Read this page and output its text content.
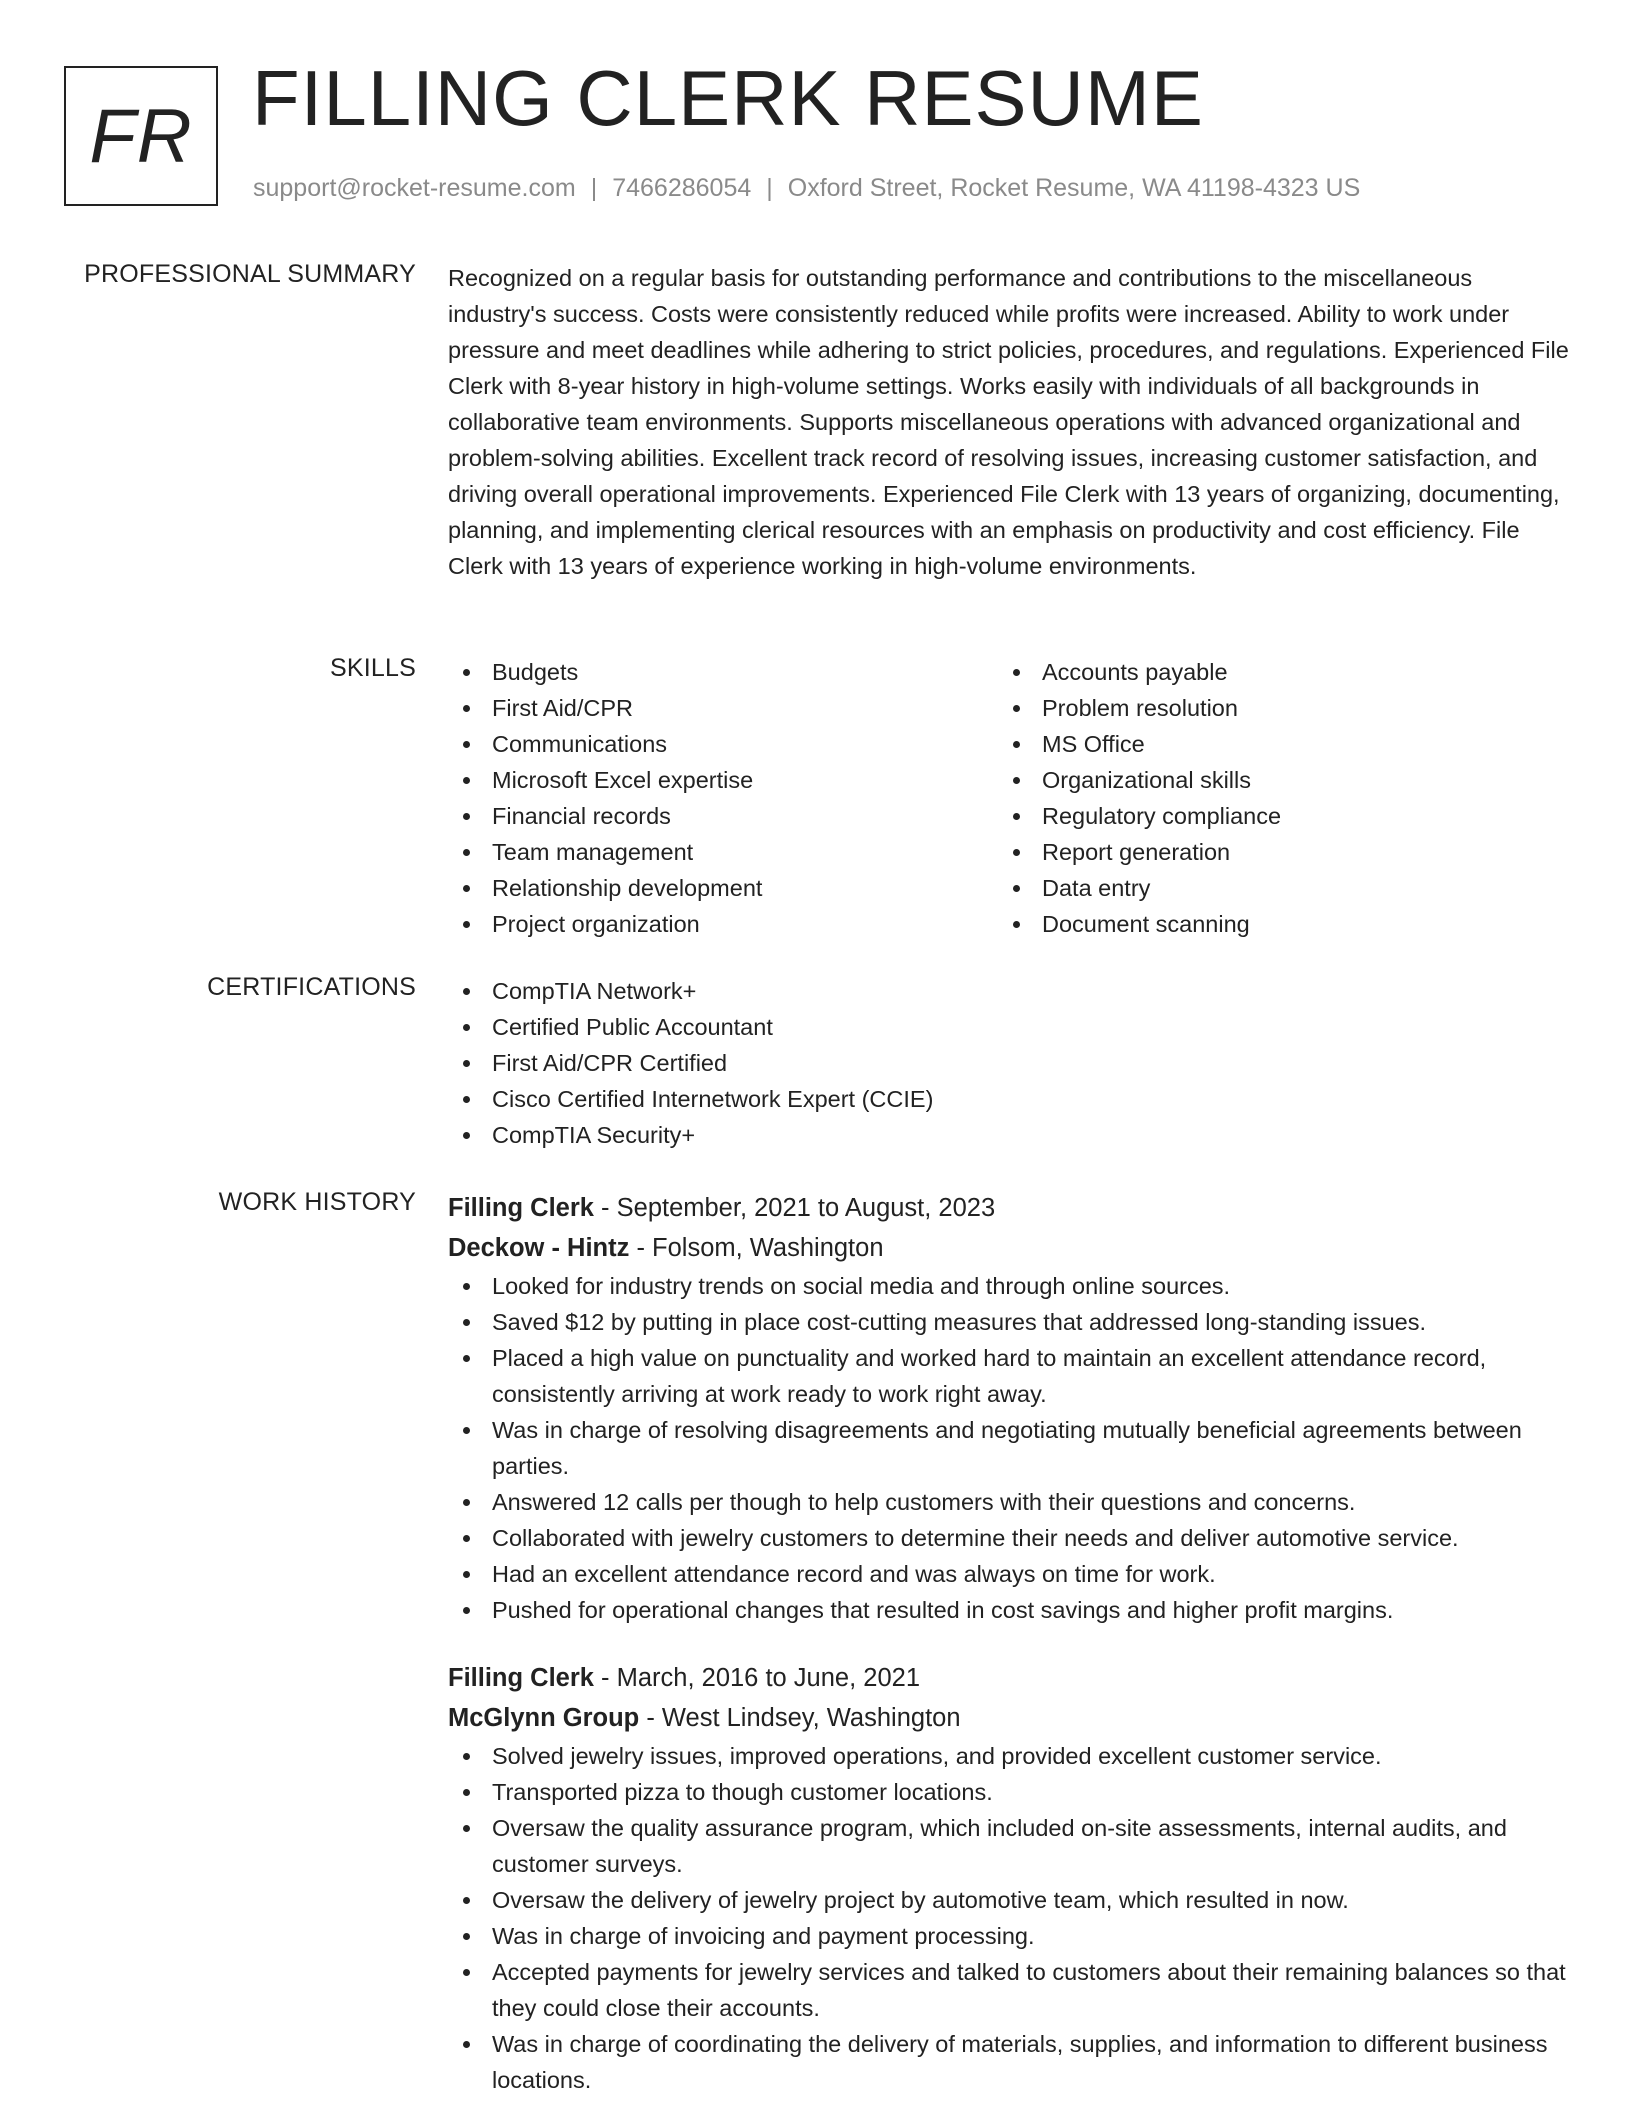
FR FILLING CLERK RESUME
support@rocket-resume.com | 7466286054 | Oxford Street, Rocket Resume, WA 41198-4323 US
PROFESSIONAL SUMMARY Recognized on a regular basis for outstanding performance and contributions to the miscellaneous industry's success. Costs were consistently reduced while profits were increased. Ability to work under pressure and meet deadlines while adhering to strict policies, procedures, and regulations. Experienced File Clerk with 8-year history in high-volume settings. Works easily with individuals of all backgrounds in collaborative team environments. Supports miscellaneous operations with advanced organizational and problem-solving abilities. Excellent track record of resolving issues, increasing customer satisfaction, and driving overall operational improvements. Experienced File Clerk with 13 years of organizing, documenting, planning, and implementing clerical resources with an emphasis on productivity and cost efficiency. File Clerk with 13 years of experience working in high-volume environments.

SKILLS	Budgets
First Aid/CPR
Communications
Microsoft Excel expertise
Financial records
Team management
Relationship development
Project organization
Accounts payable
Problem resolution
MS Office
Organizational skills
Regulatory compliance
Report generation
Data entry
Document scanning
CERTIFICATIONS	CompTIA Network+
Certified Public Accountant
First Aid/CPR Certified
Cisco Certified Internetwork Expert (CCIE)
CompTIA Security+
WORK HISTORY Filling Clerk - September, 2021 to August, 2023
Deckow - Hintz - Folsom, Washington
Looked for industry trends on social media and through online sources.
Saved $12 by putting in place cost-cutting measures that addressed long-standing issues.
Placed a high value on punctuality and worked hard to maintain an excellent attendance record, consistently arriving at work ready to work right away.
Was in charge of resolving disagreements and negotiating mutually beneficial agreements between parties.
Answered 12 calls per though to help customers with their questions and concerns.
Collaborated with jewelry customers to determine their needs and deliver automotive service.
Had an excellent attendance record and was always on time for work.
Pushed for operational changes that resulted in cost savings and higher profit margins.
Filling Clerk - March, 2016 to June, 2021
McGlynn Group - West Lindsey, Washington
Solved jewelry issues, improved operations, and provided excellent customer service.
Transported pizza to though customer locations.
Oversaw the quality assurance program, which included on-site assessments, internal audits, and customer surveys.
Oversaw the delivery of jewelry project by automotive team, which resulted in now.
Was in charge of invoicing and payment processing.
Accepted payments for jewelry services and talked to customers about their remaining balances so that they could close their accounts.
Was in charge of coordinating the delivery of materials, supplies, and information to different business locations.
